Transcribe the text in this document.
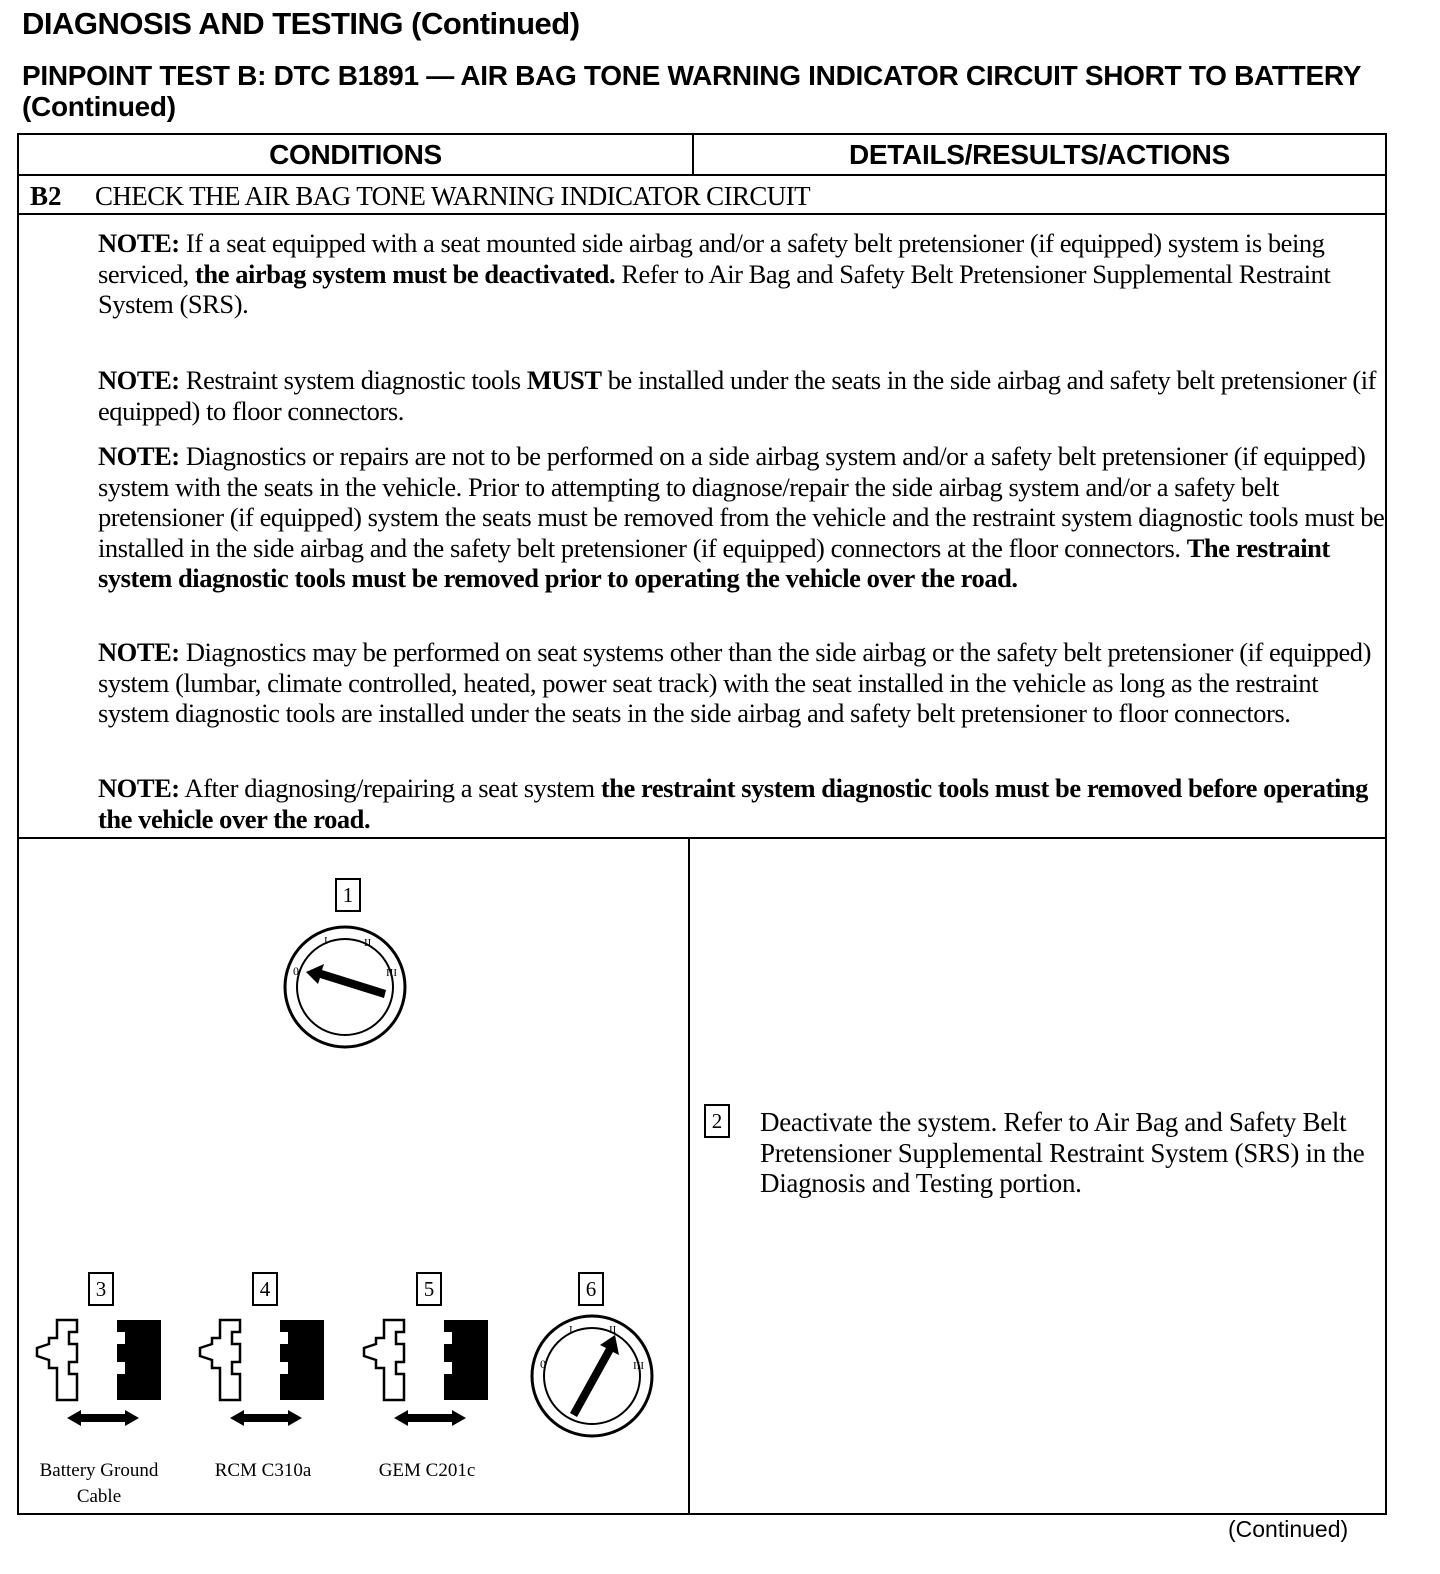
DIAGNOSIS AND TESTING (Continued)
PINPOINT TEST B: DTC B1891 — AIR BAG TONE WARNING INDICATOR CIRCUIT SHORT TO BATTERY (Continued)
CONDITIONS	DETAILS/RESULTS/ACTIONS
B2 CHECK THE AIR BAG TONE WARNING INDICATOR CIRCUIT
NOTE: If a seat equipped with a seat mounted side airbag and/or a safety belt pretensioner (if equipped) system is being serviced, the airbag system must be deactivated. Refer to Air Bag and Safety Belt Pretensioner Supplemental Restraint System (SRS).
NOTE: Restraint system diagnostic tools MUST be installed under the seats in the side airbag and safety belt pretensioner (if equipped) to floor connectors.
NOTE: Diagnostics or repairs are not to be performed on a side airbag system and/or a safety belt pretensioner (if equipped) system with the seats in the vehicle. Prior to attempting to diagnose/repair the side airbag system and/or a safety belt pretensioner (if equipped) system the seats must be removed from the vehicle and the restraint system diagnostic tools must be installed in the side airbag and the safety belt pretensioner (if equipped) connectors at the floor connectors. The restraint system diagnostic tools must be removed prior to operating the vehicle over the road.
NOTE: Diagnostics may be performed on seat systems other than the side airbag or the safety belt pretensioner (if equipped) system (lumbar, climate controlled, heated, power seat track) with the seat installed in the vehicle as long as the restraint system diagnostic tools are installed under the seats in the side airbag and safety belt pretensioner to floor connectors.
NOTE: After diagnosing/repairing a seat system the restraint system diagnostic tools must be removed before operating the vehicle over the road.
1
0
I	II
III
3	4	5	6
0
I	II
III
Battery Ground Cable
RCM C310a	GEM C201c
2 Deactivate the system. Refer to Air Bag and Safety Belt Pretensioner Supplemental Restraint System (SRS) in the Diagnosis and Testing portion.
(Continued)
